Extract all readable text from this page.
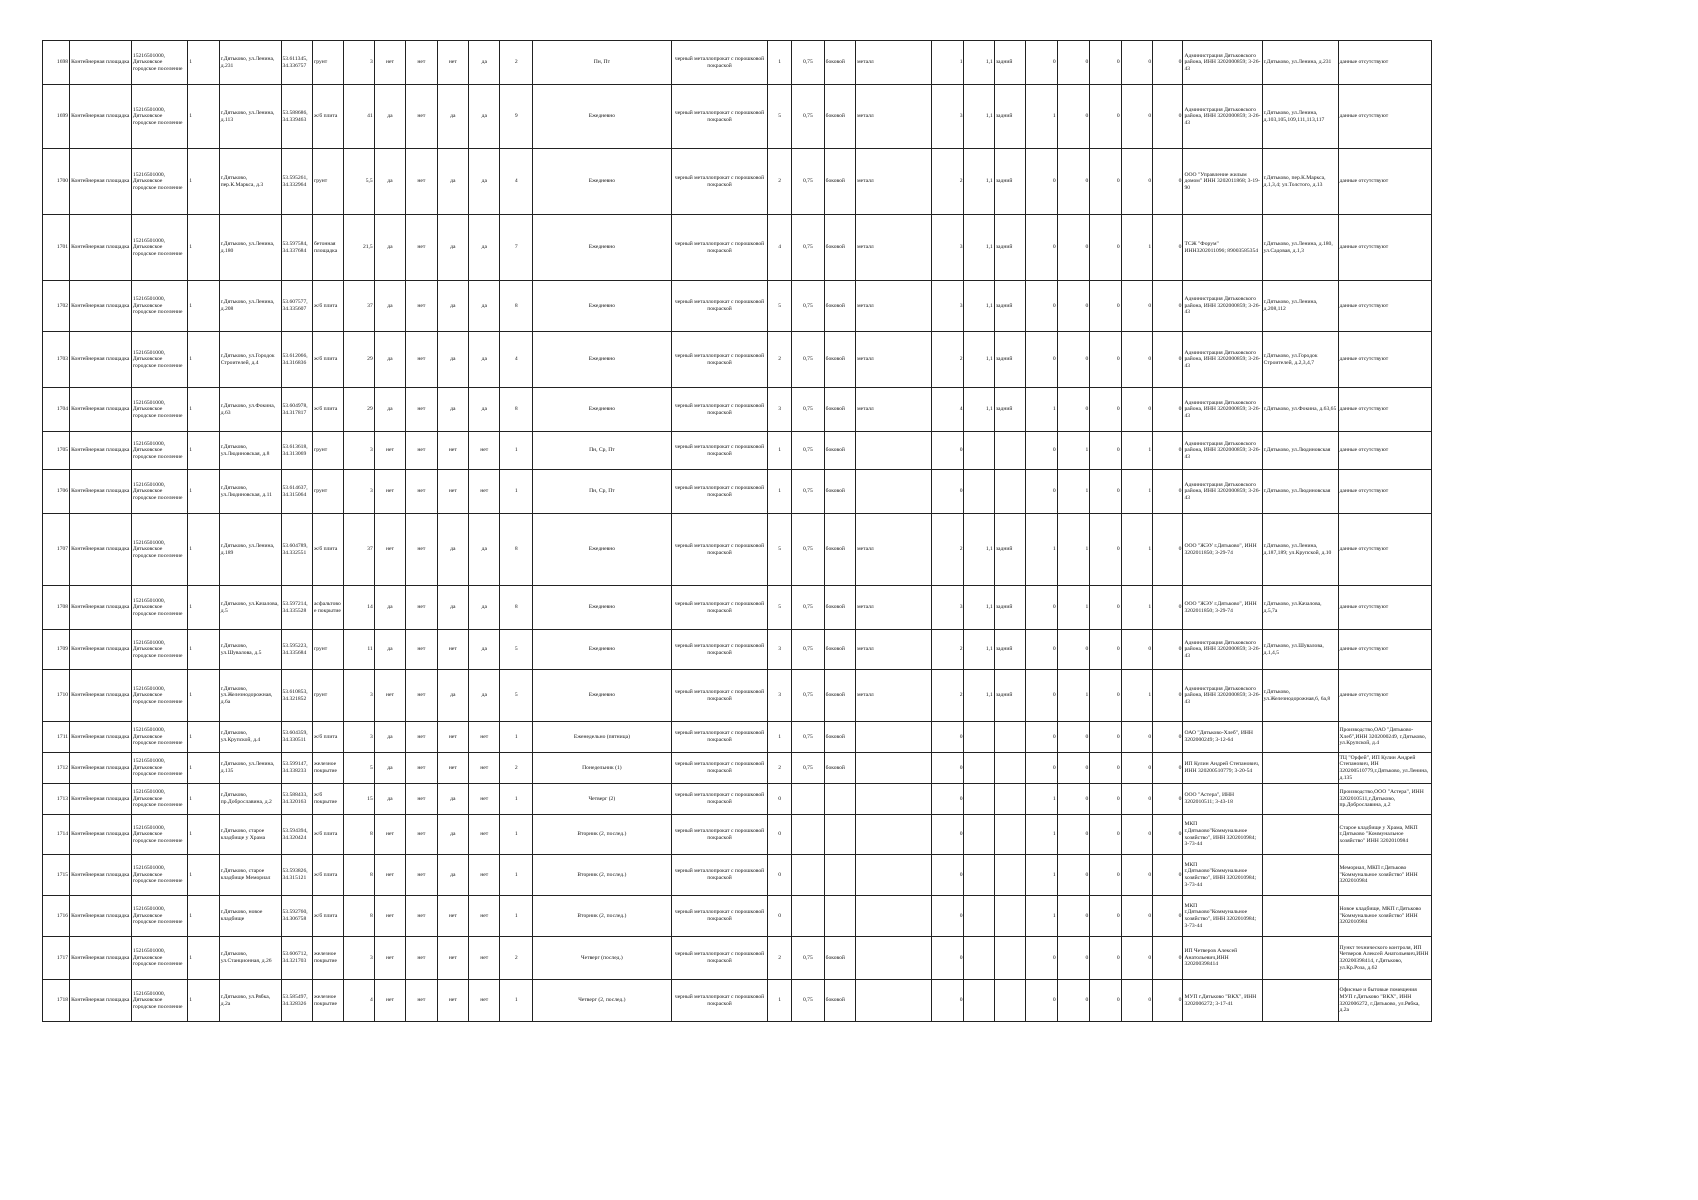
1698	Контейнерная площадка	15216501000, Дятьковское городское поселение	1	г.Дятьково, ул.Ленина, д.231	53.611345, 34.336757	грунт	3	нет	нет	нет	да	2	Пн, Пт	черный металлопрокат с порошковой покраской	1	0,75	боковой	металл	1	1,1	задний	0	0	0	0	0	Администрация Дятьковского района, ИНН 3202000859; 3-26-43	г.Дятьково, ул.Ленина, д.231	данные отсутствуют
1699	Контейнерная площадка	15216501000, Дятьковское городское поселение	1	г.Дятьково, ул.Ленина, д.113	53.588686, 34.339463	ж/б плита	41	да	нет	да	да	9	Ежедневно	черный металлопрокат с порошковой покраской	5	0,75	боковой	металл	3	1,1	задний	1	0	0	0	0	Администрация Дятьковского района, ИНН 3202000859; 3-26-43	г.Дятьково, ул.Ленина, д.103,105,109,111,113,117	данные отсутствуют
1700	Контейнерная площадка	15216501000, Дятьковское городское поселение	1	г.Дятьково, пер.К.Маркса, д.3	53.595261, 34.332964	грунт	5,5	да	нет	да	да	4	Ежедневно	черный металлопрокат с порошковой покраской	2	0,75	боковой	металл	2	1,1	задний	0	0	0	0	0	ООО "Управление жилым домом" ИНН 3202011868; 3-19-90	г.Дятьково, пер.К.Маркса, д.1,3,4; ул.Толстого, д.13	данные отсутствуют
1701	Контейнерная площадка	15216501000, Дятьковское городское поселение	1	г.Дятьково, ул.Ленина, д.180	53.597584, 34.337684	бетонная площадка	21,5	да	нет	да	да	7	Ежедневно	черный металлопрокат с порошковой покраской	4	0,75	боковой	металл	3	1,1	задний	0	0	0	1	0	ТСЖ "Форум" ИНН3202011096; 89003585354	г.Дятьково, ул.Ленина, д.180, ул.Садовая, д.1,3	данные отсутствуют
1702	Контейнерная площадка	15216501000, Дятьковское городское поселение	1	г.Дятьково, ул.Ленина, д.208	53.607577, 34.335607	ж/б плита	37	да	нет	да	да	8	Ежедневно	черный металлопрокат с порошковой покраской	5	0,75	боковой	металл	3	1,1	задний	0	0	0	0	0	Администрация Дятьковского района, ИНН 3202000859; 3-26-43	г.Дятьково, ул.Ленина, д.208,112	данные отсутствуют
1703	Контейнерная площадка	15216501000, Дятьковское городское поселение	1	г.Дятьково, ул.Городок Строителей, д.4	53.612066, 34.316836	ж/б плита	29	да	нет	да	да	4	Ежедневно	черный металлопрокат с порошковой покраской	2	0,75	боковой	металл	2	1,1	задний	0	0	0	0	0	Администрация Дятьковского района, ИНН 3202000859; 3-26-43	г.Дятьково, ул.Городок Строителей, д.2,3,4,7	данные отсутствуют
1704	Контейнерная площадка	15216501000, Дятьковское городское поселение	1	г.Дятьково, ул.Фокина, д.63	53.604978, 34.317817	ж/б плита	29	да	нет	да	да	8	Ежедневно	черный металлопрокат с порошковой покраской	3	0,75	боковой	металл	4	1,1	задний	1	0	0	0	0	Администрация Дятьковского района, ИНН 3202000859; 3-26-43	г.Дятьково, ул.Фокина, д.63,65	данные отсутствуют
1705	Контейнерная площадка	15216501000, Дятьковское городское поселение	1	г.Дятьково, ул.Людиновская, д.8	53.613618, 34.313069	грунт	3	нет	нет	нет	нет	1	Пн, Ср, Пт	черный металлопрокат с порошковой покраской	1	0,75	боковой		0			0	1	0	1	0	Администрация Дятьковского района, ИНН 3202000859; 3-26-43	г.Дятьково, ул.Людиновская	данные отсутствуют
1706	Контейнерная площадка	15216501000, Дятьковское городское поселение	1	г.Дятьково, ул.Людиновская, д.11	53.614637, 34.315064	грунт	3	нет	нет	нет	нет	1	Пн, Ср, Пт	черный металлопрокат с порошковой покраской	1	0,75	боковой		0			0	1	0	1	0	Администрация Дятьковского района, ИНН 3202000859; 3-26-43	г.Дятьково, ул.Людиновская	данные отсутствуют
1707	Контейнерная площадка	15216501000, Дятьковское городское поселение	1	г.Дятьково, ул.Ленина, д.189	53.604789, 34.332551	ж/б плита	37	нет	нет	да	да	8	Ежедневно	черный металлопрокат с порошковой покраской	5	0,75	боковой	металл	2	1,1	задний	1	1	0	1	0	ООО "ЖЭУ г.Дятьково", ИНН 3202011850; 3-29-74	г.Дятьково, ул.Ленина, д.187,189; ул.Крупской, д.10	данные отсутствуют
1708	Контейнерная площадка	15216501000, Дятьковское городское поселение	1	г.Дятьково, ул.Качалова, д.5	53.597214, 34.335528	асфальтовое покрытие	14	да	нет	да	да	8	Ежедневно	черный металлопрокат с порошковой покраской	5	0,75	боковой	металл	3	1,1	задний	0	1	0	1	0	ООО "ЖЭУ г.Дятьково", ИНН 3202011850; 3-29-74	г.Дятьково, ул.Качалова, д.5,7а	данные отсутствуют
1709	Контейнерная площадка	15216501000, Дятьковское городское поселение	1	г.Дятьково, ул.Шувалова, д.5	53.595223, 34.335684	грунт	11	да	нет	нет	да	5	Ежедневно	черный металлопрокат с порошковой покраской	3	0,75	боковой	металл	2	1,1	задний	0	0	0	0	0	Администрация Дятьковского района, ИНН 3202000859; 3-26-43	г.Дятьково, ул.Шувалова, д.1,4,5	данные отсутствуют
1710	Контейнерная площадка	15216501000, Дятьковское городское поселение	1	г.Дятьково, ул.Железнодорожная, д.6а	53.610853, 34.321852	грунт	3	нет	нет	да	да	5	Ежедневно	черный металлопрокат с порошковой покраской	3	0,75	боковой	металл	2	1,1	задний	0	1	0	1	0	Администрация Дятьковского района, ИНН 3202000859; 3-26-43	г.Дятьково, ул.Железнодорожная,6, 6а,8	данные отсутствуют
1711	Контейнерная площадка	15216501000, Дятьковское городское поселение	1	г.Дятьково, ул.Крупской, д.4	53.604359, 34.330511	ж/б плита	3	да	нет	нет	нет	1	Еженедельно (пятница)	черный металлопрокат с порошковой покраской	1	0,75	боковой		0			0	0	0	0	0	ОАО "Дятьково-Хлеб", ИНН 3202000249; 3-12-64		Производство,ОАО "Дятьково-Хлеб",ИНН 3202000249, г.Дятьково, ул.Крупской, д.4
1712	Контейнерная площадка	15216501000, Дятьковское городское поселение	1	г.Дятьково, ул.Ленина, д.135	53.599147, 34.338233	железное покрытие	5	да	нет	нет	нет	2	Понедельник (1)	черный металлопрокат с порошковой покраской	2	0,75	боковой		0			0	0	0	0	0	ИП Кулин Андрей Степанович, ИНН 320200510779; 3-20-54		ТЦ "Орфей", ИП Кулин Андрей Степанович, ИН 320200510779,г.Дятьково, ул.Ленина, д.135
1713	Контейнерная площадка	15216501000, Дятьковское городское поселение	1	г.Дятьково, пр.Доброславина, д.2	53.588433, 34.320163	ж/б покрытие	15	да	нет	да	нет	1	Четверг (2)	черный металлопрокат с порошковой покраской	0				0			1	0	0	0	0	ООО "Астера", ИНН 3202010511; 3-43-18		Производство,ООО "Астера", ИНН 3202010511,г.Дятьково, пр.Доброславина, д.2
1714	Контейнерная площадка	15216501000, Дятьковское городское поселение	1	г.Дятьково, старое кладбище у Храма	53.594394, 34.320424	ж/б плита	8	нет	нет	да	нет	1	Вторник (2, послед.)	черный металлопрокат с порошковой покраской	0				0			1	0	0	0	0	МКП г.Дятьково"Коммунальное хозяйство", ИНН 3202010984; 3-73-44		Старое кладбище у Храма, МКП г.Дятьково "Коммунальное хозяйство" ИНН 3202010984
1715	Контейнерная площадка	15216501000, Дятьковское городское поселение	1	г.Дятьково, старое кладбище Мемориал	53.593826, 34.315121	ж/б плита	8	нет	нет	да	нет	1	Вторник (2, послед.)	черный металлопрокат с порошковой покраской	0				0			1	0	0	0	0	МКП г.Дятьково"Коммунальное хозяйство", ИНН 3202010984; 3-73-44		Мемориал, МКП г.Дятьково "Коммунальное хозяйство" ИНН 3202010984
1716	Контейнерная площадка	15216501000, Дятьковское городское поселение	1	г.Дятьково, новое кладбище	53.592760, 34.306758	ж/б плита	8	нет	нет	нет	нет	1	Вторник (2, послед.)	черный металлопрокат с порошковой покраской	0				0			1	0	0	0	0	МКП г.Дятьково"Коммунальное хозяйство", ИНН 3202010984; 3-73-44		Новое кладбище, МКП г.Дятьково "Коммунальное хозяйство" ИНН 3202010984
1717	Контейнерная площадка	15216501000, Дятьковское городское поселение	1	г.Дятьково, ул.Станционная, д.26	53.606712, 34.321703	железное покрытие	3	нет	нет	нет	нет	2	Четверг (послед.)	черный металлопрокат с порошковой покраской	2	0,75	боковой		0			0	0	0	0	0	ИП Четверов Алексей Анатольевич,ИНН 320200398414		Пункт технического контроля, ИП Четверов Алексей Анатольевич,ИНН 320200398414, г.Дятьково, ул.Кр.Роза, д.62
1718	Контейнерная площадка	15216501000, Дятьковское городское поселение	1	г.Дятьково, ул.Рябка, д.2а	53.585497, 34.328326	железное покрытие	4	нет	нет	нет	нет	1	Четверг (2, послед.)	черный металлопрокат с порошковой покраской	1	0,75	боковой		0			0	0	0	0	0	МУП г.Дятьково "ВКХ", ИНН 3202006272; 3-17-41		Офисные и бытовые помещения МУП г.Дятьково "ВКХ", ИНН 3202006272, г.Дятьково, ул.Рябка, д.2а
